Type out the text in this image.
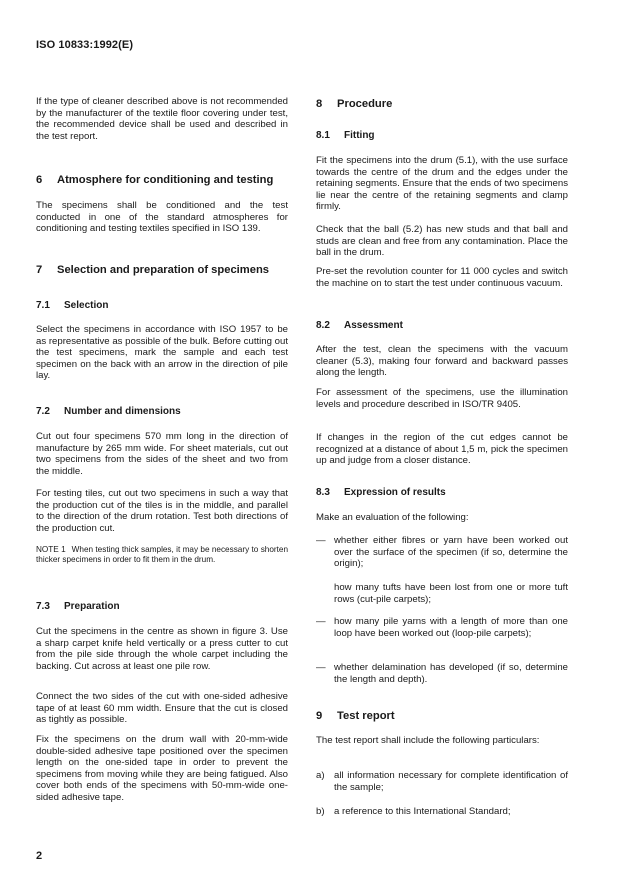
ISO 10833:1992(E)

If the type of cleaner described above is not recommended by the manufacturer of the textile floor covering under test, the recommended device shall be used and described in the test report.

6	Atmosphere for conditioning and testing

The specimens shall be conditioned and the test conducted in one of the standard atmospheres for conditioning and testing textiles specified in ISO 139.

7	Selection and preparation of specimens
7.1	Selection

Select the specimens in accordance with ISO 1957 to be as representative as possible of the bulk. Before cutting out the test specimens, mark the sample and each test specimen on the back with an arrow in the direction of pile lay.

7.2	Number and dimensions

Cut out four specimens 570 mm long in the direction of manufacture by 265 mm wide. For sheet materials, cut out two specimens from the sides of the sheet and two from the middle.

For testing tiles, cut out two specimens in such a way that the production cut of the tiles is in the middle, and parallel to the direction of the drum rotation. Test both directions of the production cut.

NOTE 1 When testing thick samples, it may be necessary to shorten thicker specimens in order to fit them in the drum.

7.3	Preparation

Cut the specimens in the centre as shown in figure 3. Use a sharp carpet knife held vertically or a press cutter to cut from the pile side through the whole carpet including the backing. Cut across at least one pile row.

Connect the two sides of the cut with one-sided adhesive tape of at least 60 mm width. Ensure that the cut is closed as tightly as possible.

Fix the specimens on the drum wall with 20-mm-wide double-sided adhesive tape positioned over the specimen length on the one-sided tape in order to prevent the specimens from moving while they are being fatigued. Also cover both ends of the specimens with 50-mm-wide one-sided adhesive tape.

8	Procedure
8.1	Fitting

Fit the specimens into the drum (5.1), with the use surface towards the centre of the drum and the edges under the retaining segments. Ensure that the ends of two specimens lie near the centre of the retaining segments and clamp firmly.

Check that the ball (5.2) has new studs and that ball and studs are clean and free from any contamination. Place the ball in the drum.

Pre-set the revolution counter for 11 000 cycles and switch the machine on to start the test under continuous vacuum.

8.2	Assessment

After the test, clean the specimens with the vacuum cleaner (5.3), making four forward and backward passes along the length.

For assessment of the specimens, use the illumination levels and procedure described in ISO/TR 9405.

If changes in the region of the cut edges cannot be recognized at a distance of about 1,5 m, pick the specimen up and judge from a closer distance.

8.3	Expression of results

Make an evaluation of the following:

— whether either fibres or yarn have been worked out over the surface of the specimen (if so, determine the origin);

how many tufts have been lost from one or more tuft rows (cut-pile carpets);

— how many pile yarns with a length of more than one loop have been worked out (loop-pile carpets);

— whether delamination has developed (if so, determine the length and depth).

9	Test report

The test report shall include the following particulars:

a) all information necessary for complete identification of the sample;

b) a reference to this International Standard;

2
